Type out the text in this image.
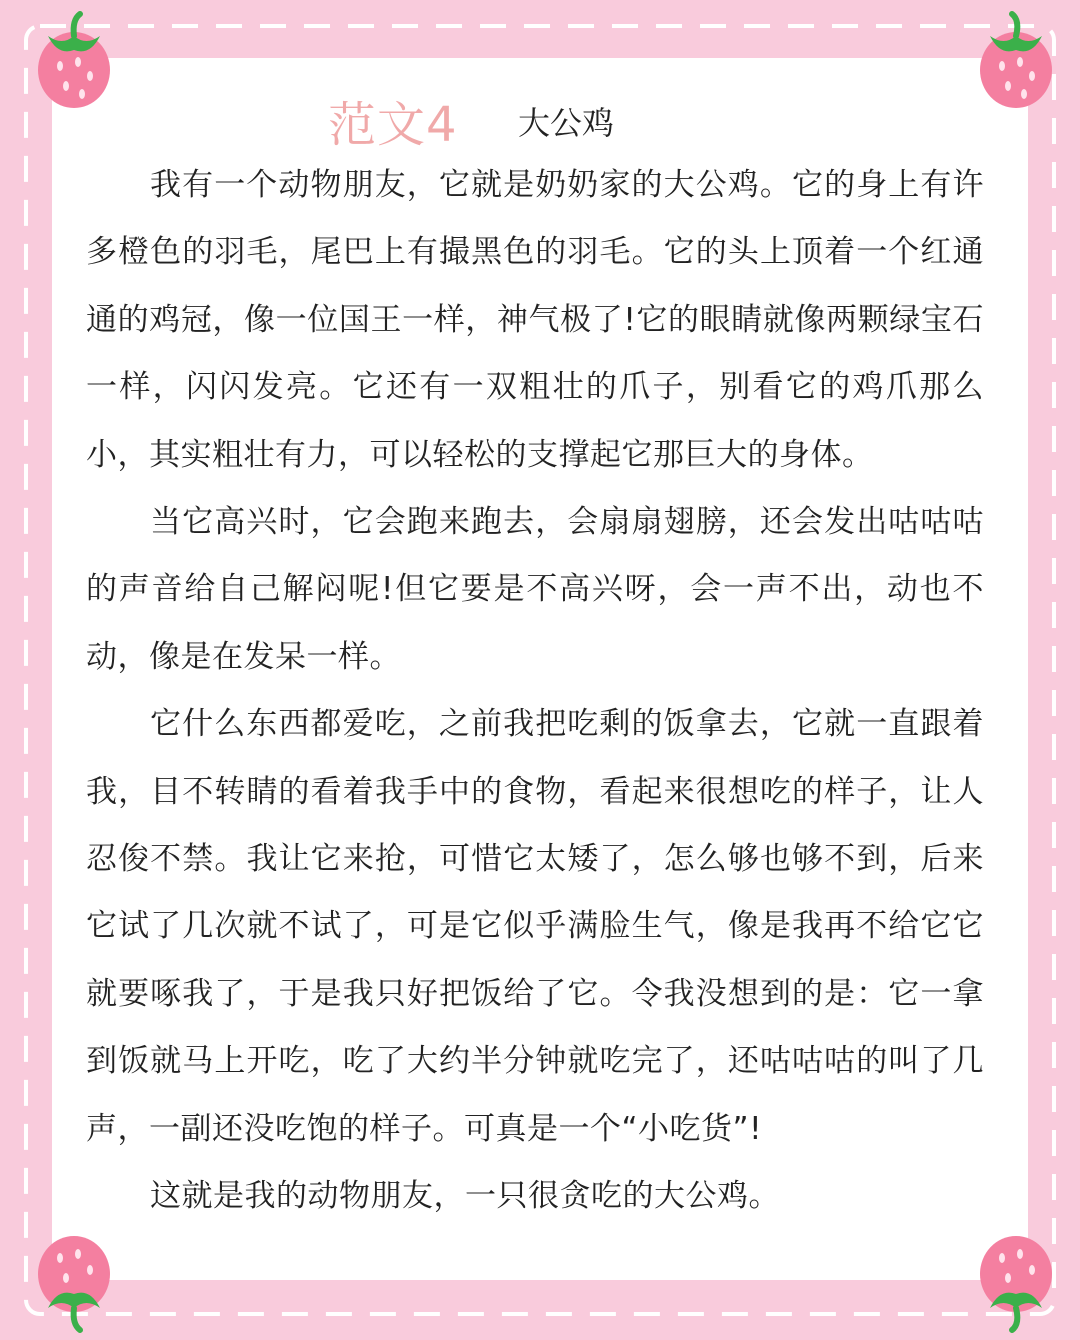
范文4 大公鸡

我有一个动物朋友，它就是奶奶家的大公鸡。它的身上有许多橙色的羽毛，尾巴上有撮黑色的羽毛。它的头上顶着一个红通通的鸡冠，像一位国王一样，神气极了!它的眼睛就像两颗绿宝石一样，闪闪发亮。它还有一双粗壮的爪子，别看它的鸡爪那么小，其实粗壮有力，可以轻松的支撑起它那巨大的身体。

当它高兴时，它会跑来跑去，会扇扇翅膀，还会发出咕咕咕的声音给自己解闷呢!但它要是不高兴呀，会一声不出，动也不动，像是在发呆一样。

它什么东西都爱吃，之前我把吃剩的饭拿去，它就一直跟着我，目不转睛的看着我手中的食物，看起来很想吃的样子，让人忍俊不禁。我让它来抢，可惜它太矮了，怎么够也够不到，后来它试了几次就不试了，可是它似乎满脸生气，像是我再不给它它就要啄我了，于是我只好把饭给了它。令我没想到的是：它一拿到饭就马上开吃，吃了大约半分钟就吃完了，还咕咕咕的叫了几声，一副还没吃饱的样子。可真是一个“小吃货”!

这就是我的动物朋友，一只很贪吃的大公鸡。
